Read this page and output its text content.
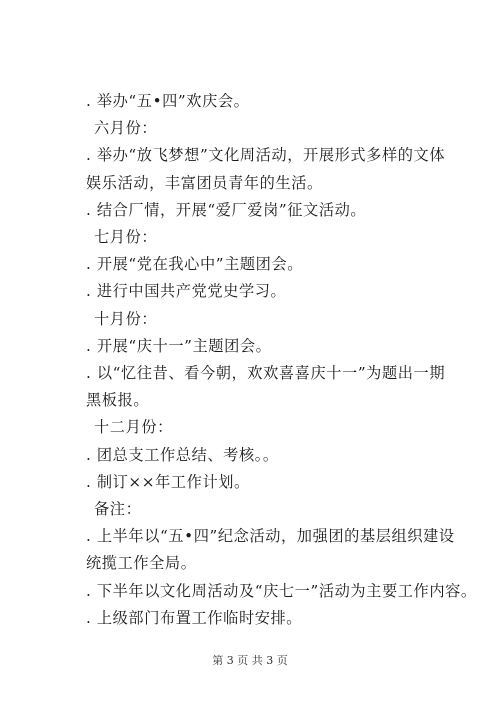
. 举办“五•四”欢庆会。
六月份：
. 举办“放飞梦想”文化周活动，开展形式多样的文体娱乐活动，丰富团员青年的生活。
. 结合厂情，开展“爱厂爱岗”征文活动。
七月份：
. 开展“党在我心中”主题团会。
. 进行中国共产党党史学习。
十月份：
. 开展“庆十一”主题团会。
. 以“忆往昔、看今朝，欢欢喜喜庆十一”为题出一期黑板报。
十二月份：
. 团总支工作总结、考核。。
. 制订××年工作计划。
备注：
. 上半年以“五•四”纪念活动，加强团的基层组织建设统揽工作全局。
. 下半年以文化周活动及“庆七一”活动为主要工作内容。
. 上级部门布置工作临时安排。
第 3 页 共 3 页
